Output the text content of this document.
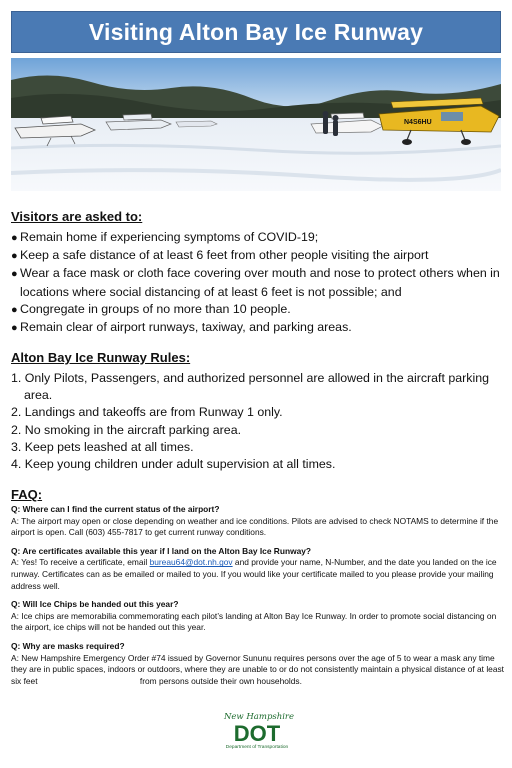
Visiting Alton Bay Ice Runway
N4S6HU
Visitors are asked to:
● Remain home if experiencing symptoms of COVID-19;
● Keep a safe distance of at least 6 feet from other people visiting the airport
● Wear a face mask or cloth face covering over mouth and nose to protect others when in locations where social distancing of at least 6 feet is not possible; and
● Congregate in groups of no more than 10 people.
● Remain clear of airport runways, taxiway, and parking areas.
Alton Bay Ice Runway Rules:
1. Only Pilots, Passengers, and authorized personnel are allowed in the aircraft parking area.
2. Landings and takeoffs are from Runway 1 only.
2. No smoking in the aircraft parking area.
3. Keep pets leashed at all times.
4. Keep young children under adult supervision at all times.
FAQ:
Q: Where can I find the current status of the airport?
A: The airport may open or close depending on weather and ice conditions. Pilots are advised to check NOTAMS to determine if the airport is open. Call (603) 455-7817 to get current runway conditions.
Q: Are certificates available this year if I land on the Alton Bay Ice Runway?
A: Yes! To receive a certificate, email bureau64@dot.nh.gov and provide your name, N-Number, and the date you landed on the ice runway. Certificates can as be emailed or mailed to you. If you would like your certificate mailed to you please provide your mailing address well.
Q: Will Ice Chips be handed out this year?
A: Ice chips are memorabilia commemorating each pilot’s landing at Alton Bay Ice Runway. In order to promote social distancing on the airport, ice chips will not be handed out this year.
Q: Why are masks required?
A: New Hampshire Emergency Order #74 issued by Governor Sununu requires persons over the age of 5 to wear a mask any time they are in public spaces, indoors or outdoors, where they are unable to or do not consistently maintain a physical distance of at least six feet                                            from persons outside their own households.
New Hampshire
DOT
Department of Transportation
